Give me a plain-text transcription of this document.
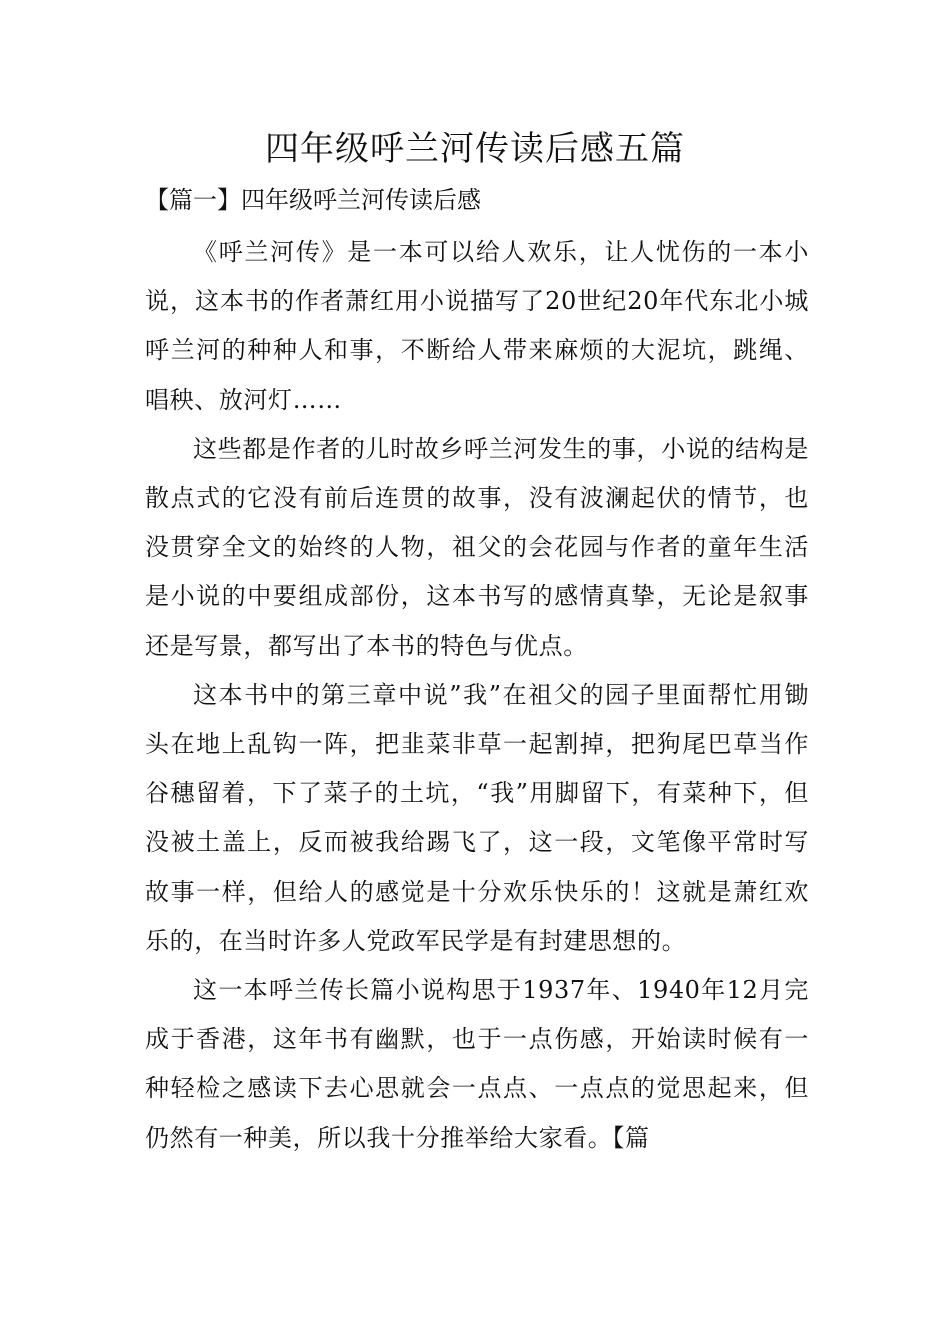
四年级呼兰河传读后感五篇
【篇一】四年级呼兰河传读后感

《呼兰河传》是一本可以给人欢乐，让人忧伤的一本小说，这本书的作者萧红用小说描写了20世纪20年代东北小城呼兰河的种种人和事，不断给人带来麻烦的大泥坑，跳绳、唱秧、放河灯……

这些都是作者的儿时故乡呼兰河发生的事，小说的结构是散点式的它没有前后连贯的故事，没有波澜起伏的情节，也没贯穿全文的始终的人物，祖父的会花园与作者的童年生活是小说的中要组成部份，这本书写的感情真挚，无论是叙事还是写景，都写出了本书的特色与优点。

这本书中的第三章中说”我”在祖父的园子里面帮忙用锄头在地上乱钩一阵，把韭菜非草一起割掉，把狗尾巴草当作谷穗留着，下了菜子的土坑，“我”用脚留下，有菜种下，但没被土盖上，反而被我给踢飞了，这一段，文笔像平常时写故事一样，但给人的感觉是十分欢乐快乐的！这就是萧红欢乐的，在当时许多人党政军民学是有封建思想的。

这一本呼兰传长篇小说构思于1937年、1940年12月完成于香港，这年书有幽默，也于一点伤感，开始读时候有一种轻检之感读下去心思就会一点点、一点点的觉思起来，但仍然有一种美，所以我十分推举给大家看。【篇
